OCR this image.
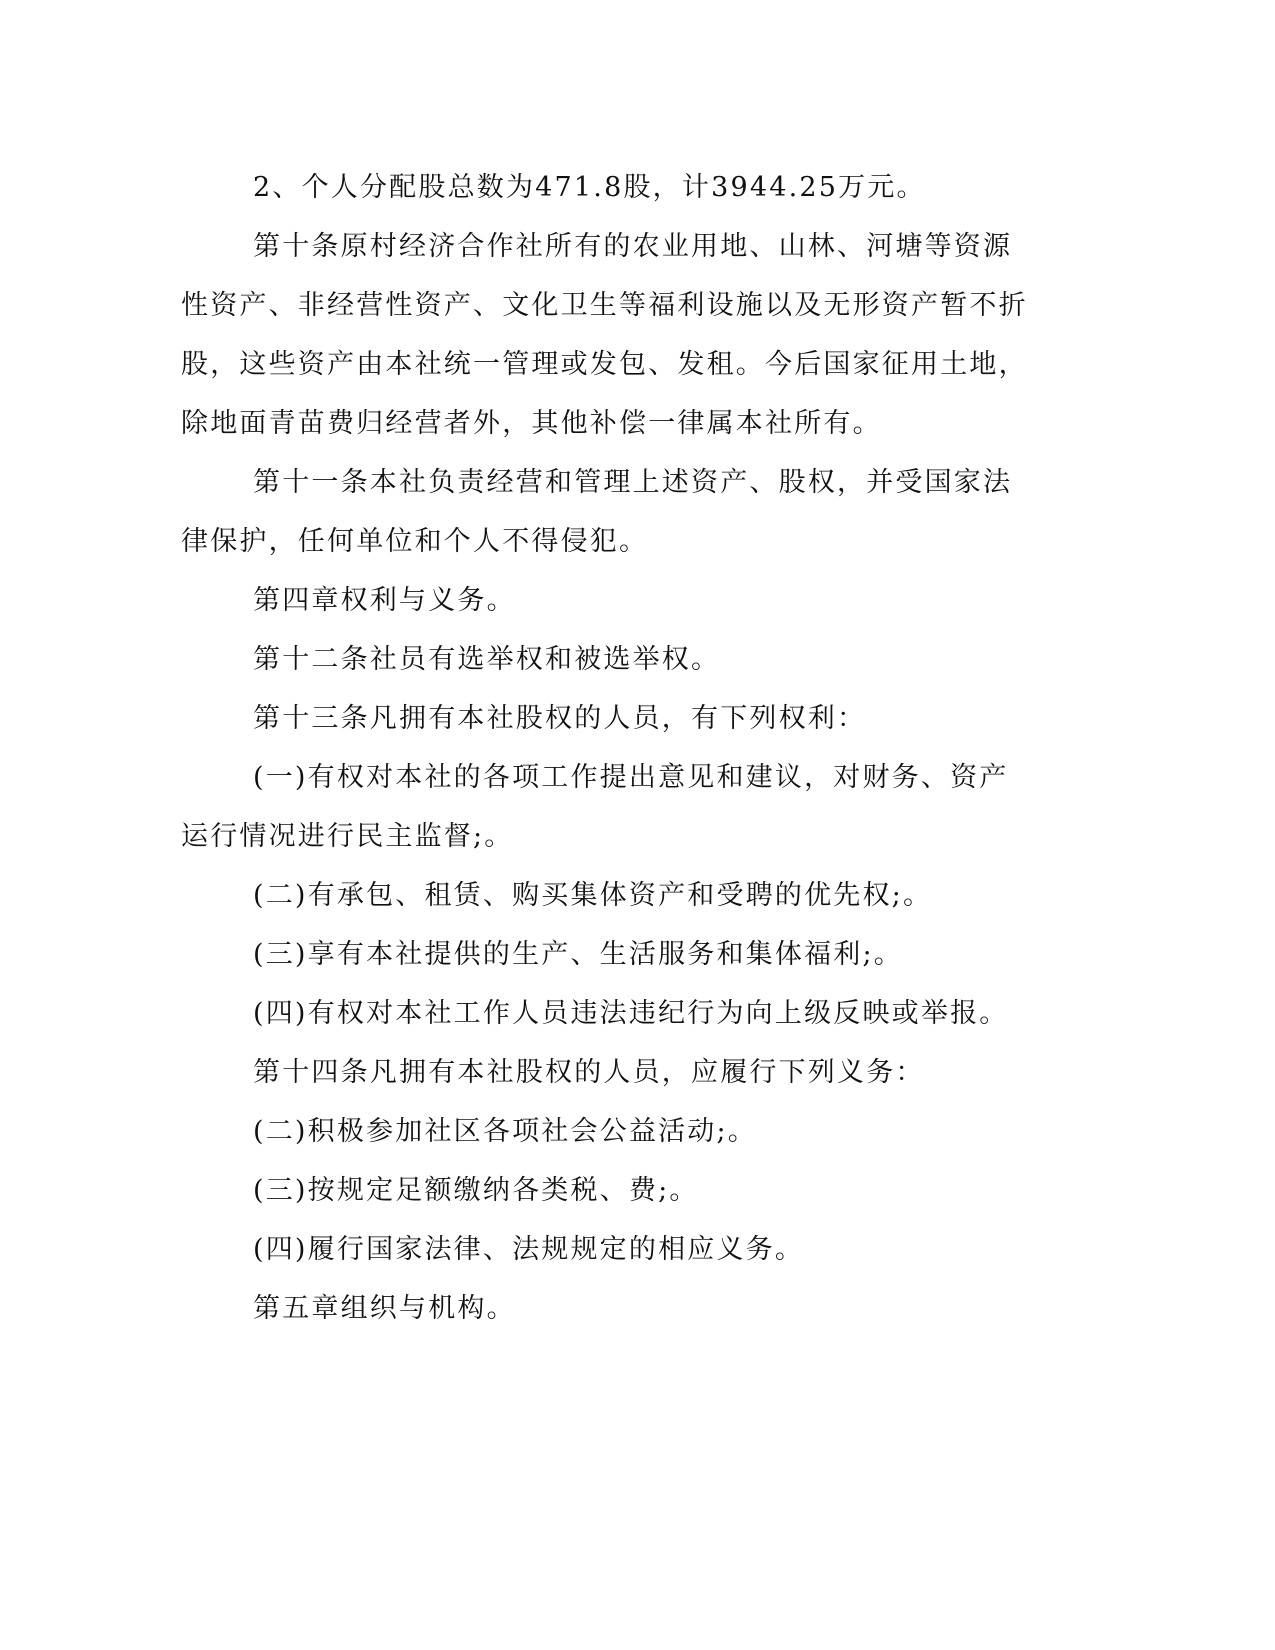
2、个人分配股总数为471.8股，计3944.25万元。

第十条原村经济合作社所有的农业用地、山林、河塘等资源性资产、非经营性资产、文化卫生等福利设施以及无形资产暂不折股，这些资产由本社统一管理或发包、发租。今后国家征用土地，除地面青苗费归经营者外，其他补偿一律属本社所有。

第十一条本社负责经营和管理上述资产、股权，并受国家法律保护，任何单位和个人不得侵犯。

第四章权利与义务。

第十二条社员有选举权和被选举权。

第十三条凡拥有本社股权的人员，有下列权利：

(一)有权对本社的各项工作提出意见和建议，对财务、资产运行情况进行民主监督;。

(二)有承包、租赁、购买集体资产和受聘的优先权;。

(三)享有本社提供的生产、生活服务和集体福利;。

(四)有权对本社工作人员违法违纪行为向上级反映或举报。

第十四条凡拥有本社股权的人员，应履行下列义务：

(二)积极参加社区各项社会公益活动;。

(三)按规定足额缴纳各类税、费;。

(四)履行国家法律、法规规定的相应义务。

第五章组织与机构。
